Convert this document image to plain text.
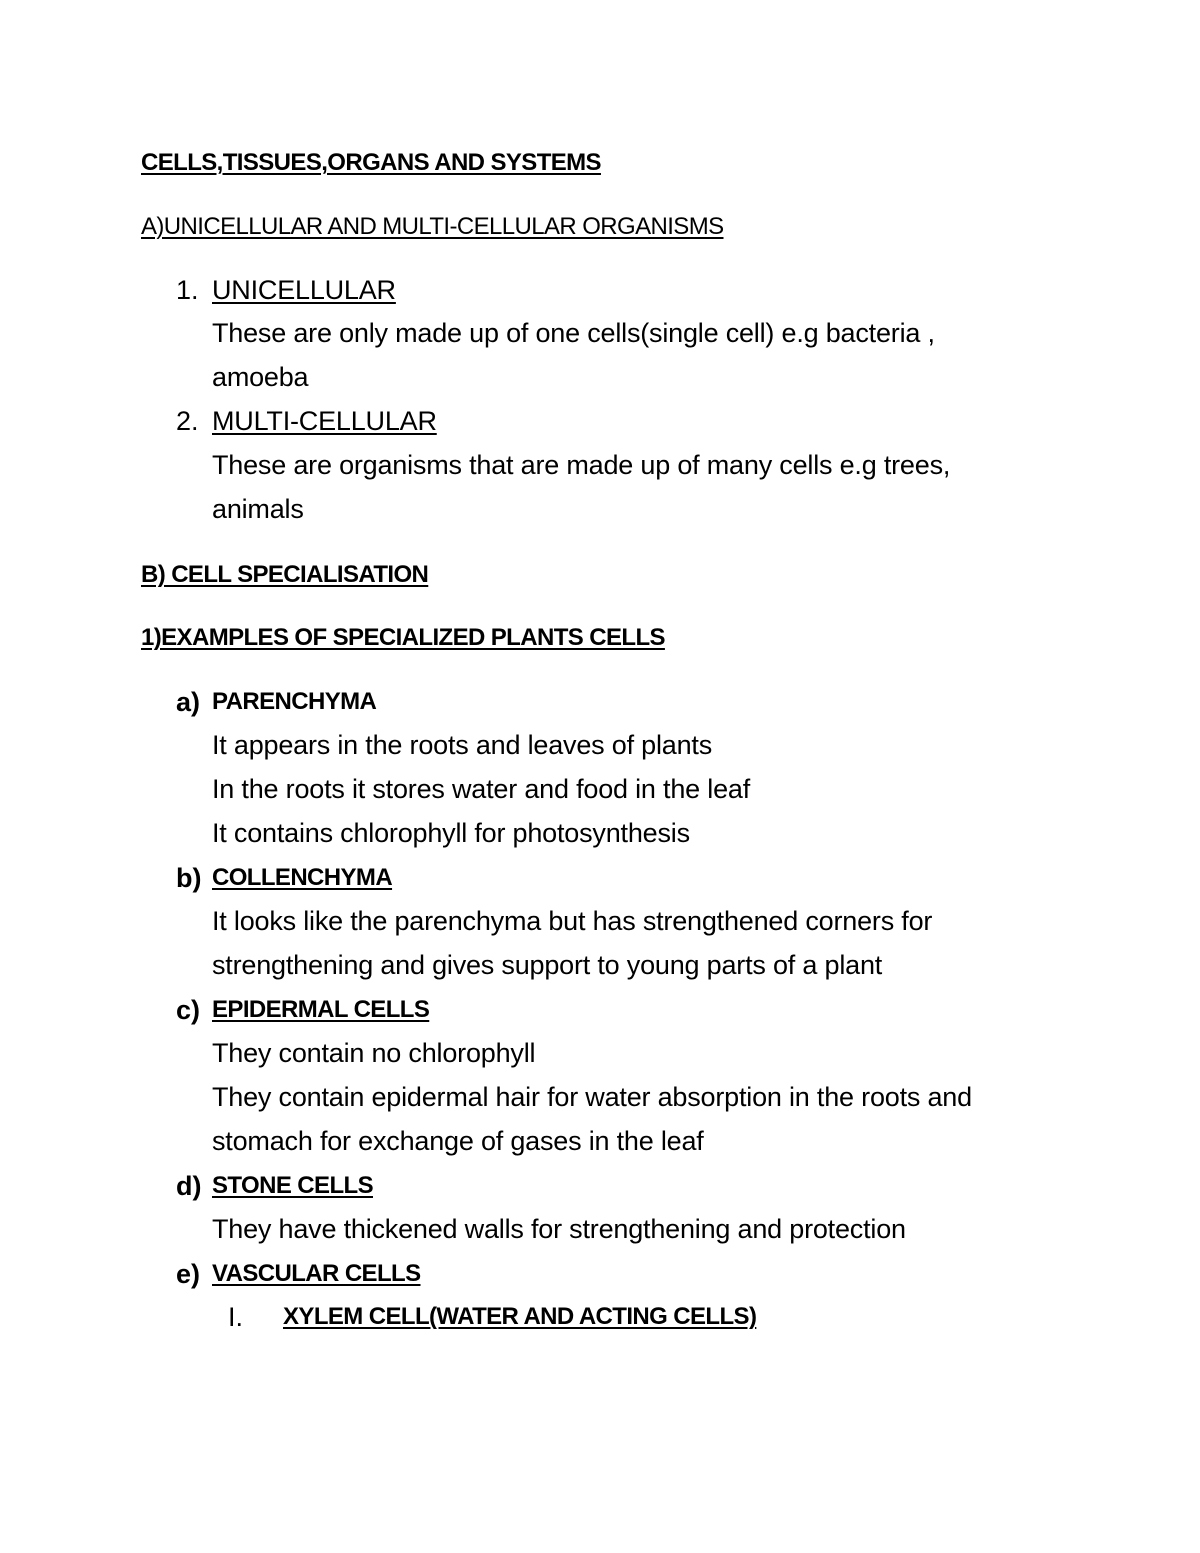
CELLS,TISSUES,ORGANS AND SYSTEMS
A)UNICELLULAR AND MULTI-CELLULAR ORGANISMS
1. UNICELLULAR
These are only made up of one cells(single cell) e.g bacteria ,
amoeba
2. MULTI-CELLULAR
These are organisms that are made up of many cells e.g trees,
animals
B) CELL SPECIALISATION
1)EXAMPLES OF SPECIALIZED PLANTS CELLS
a) PARENCHYMA
It appears in the roots and leaves of plants
In the roots it stores water and food in the leaf
It contains chlorophyll for photosynthesis
b) COLLENCHYMA
It looks like the parenchyma but has strengthened corners for
strengthening and gives support to young parts of a plant
c) EPIDERMAL CELLS
They contain no chlorophyll
They contain epidermal hair for water absorption in the roots and
stomach for exchange of gases in the leaf
d) STONE CELLS
They have thickened walls for strengthening and protection
e) VASCULAR CELLS
I. XYLEM CELL(WATER AND ACTING CELLS)
